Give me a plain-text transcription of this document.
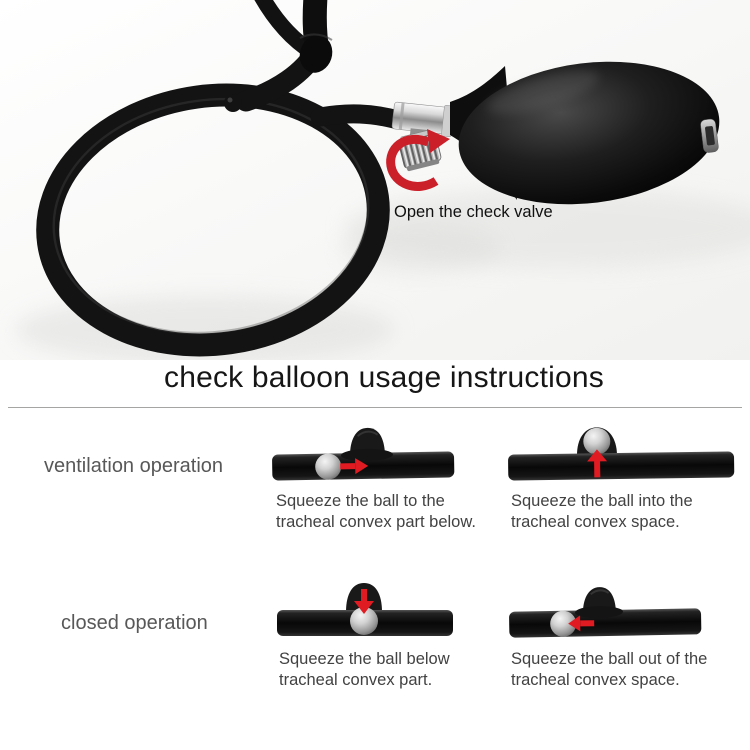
Open the check valve
check balloon usage instructions
ventilation operation
closed operation
Squeeze the ball to the
tracheal convex part below.
Squeeze the ball into the
tracheal convex space.
Squeeze the ball below
tracheal convex part.
Squeeze the ball out of the
tracheal convex space.
